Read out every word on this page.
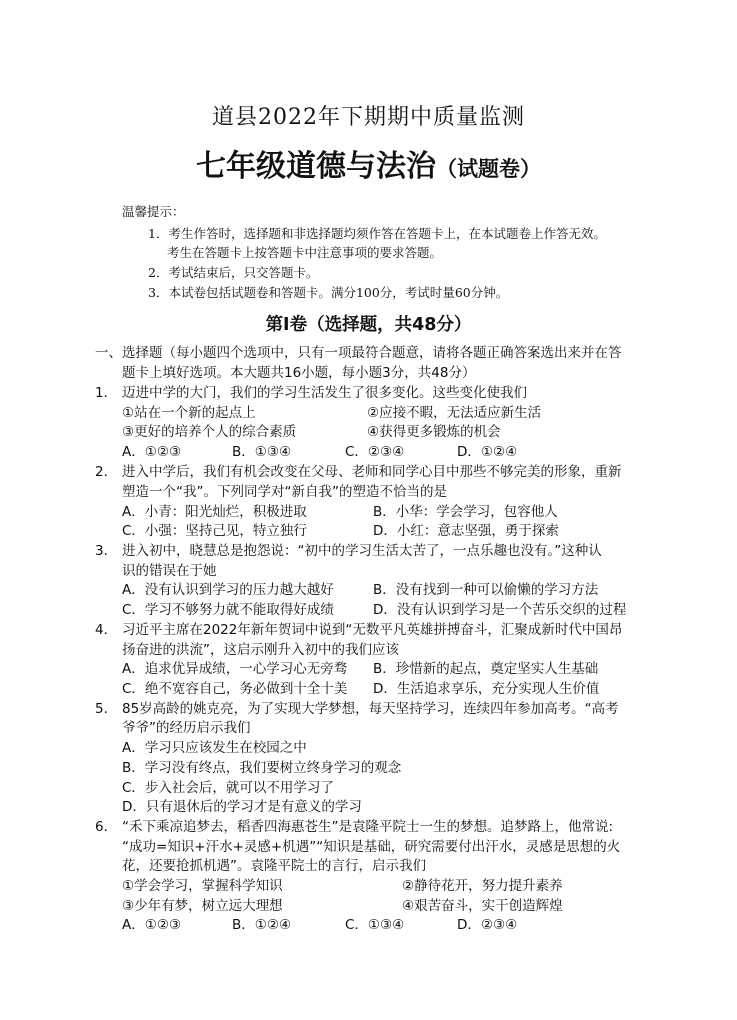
道县2022年下期期中质量监测
七年级道德与法治（试题卷）
温馨提示：
1．考生作答时，选择题和非选择题均须作答在答题卡上，在本试题卷上作答无效。
考生在答题卡上按答题卡中注意事项的要求答题。
2．考试结束后，只交答题卡。
3．本试卷包括试题卷和答题卡。满分100分，考试时量60分钟。
第Ⅰ卷（选择题，共48分）
一、选择题（每小题四个选项中，只有一项最符合题意，请将各题正确答案选出来并在答
题卡上填好选项。本大题共16小题，每小题3分，共48分）
1． 迈进中学的大门，我们的学习生活发生了很多变化。这些变化使我们
①站在一个新的起点上	②应接不暇，无法适应新生活
③更好的培养个人的综合素质	④获得更多锻炼的机会
A．①②③	B．①③④	C．②③④	D．①②④
2． 进入中学后，我们有机会改变在父母、老师和同学心目中那些不够完美的形象，重新
塑造一个“我”。下列同学对“新自我”的塑造不恰当的是
A．小青：阳光灿烂，积极进取	B．小华：学会学习，包容他人
C．小强：坚持己见，特立独行	D．小红：意志坚强，勇于探索
3． 进入初中，晓慧总是抱怨说：“初中的学习生活太苦了，一点乐趣也没有。”这种认
识的错误在于她
A．没有认识到学习的压力越大越好	B．没有找到一种可以偷懒的学习方法
C．学习不够努力就不能取得好成绩	D．没有认识到学习是一个苦乐交织的过程
4． 习近平主席在2022年新年贺词中说到“无数平凡英雄拼搏奋斗，汇聚成新时代中国昂
扬奋进的洪流”，这启示刚升入初中的我们应该
A．追求优异成绩，一心学习心无旁骛 B．珍惜新的起点，奠定坚实人生基础
C．绝不宽容自己，务必做到十全十美 D．生活追求享乐，充分实现人生价值
5． 85岁高龄的姚克亮，为了实现大学梦想，每天坚持学习，连续四年参加高考。“高考
爷爷”的经历启示我们
A．学习只应该发生在校园之中
B．学习没有终点，我们要树立终身学习的观念
C．步入社会后，就可以不用学习了
D．只有退休后的学习才是有意义的学习
6． “禾下乘凉追梦去，稻香四海惠苍生”是袁隆平院士一生的梦想。追梦路上，他常说:
“成功=知识+汗水+灵感+机遇”“知识是基础，研究需要付出汗水，灵感是思想的火
花，还要抢抓机遇”。袁隆平院士的言行，启示我们
①学会学习，掌握科学知识	②静待花开，努力提升素养
③少年有梦，树立远大理想	④艰苦奋斗，实干创造辉煌
A．①②③	B．①②④	C．①③④	D．②③④
